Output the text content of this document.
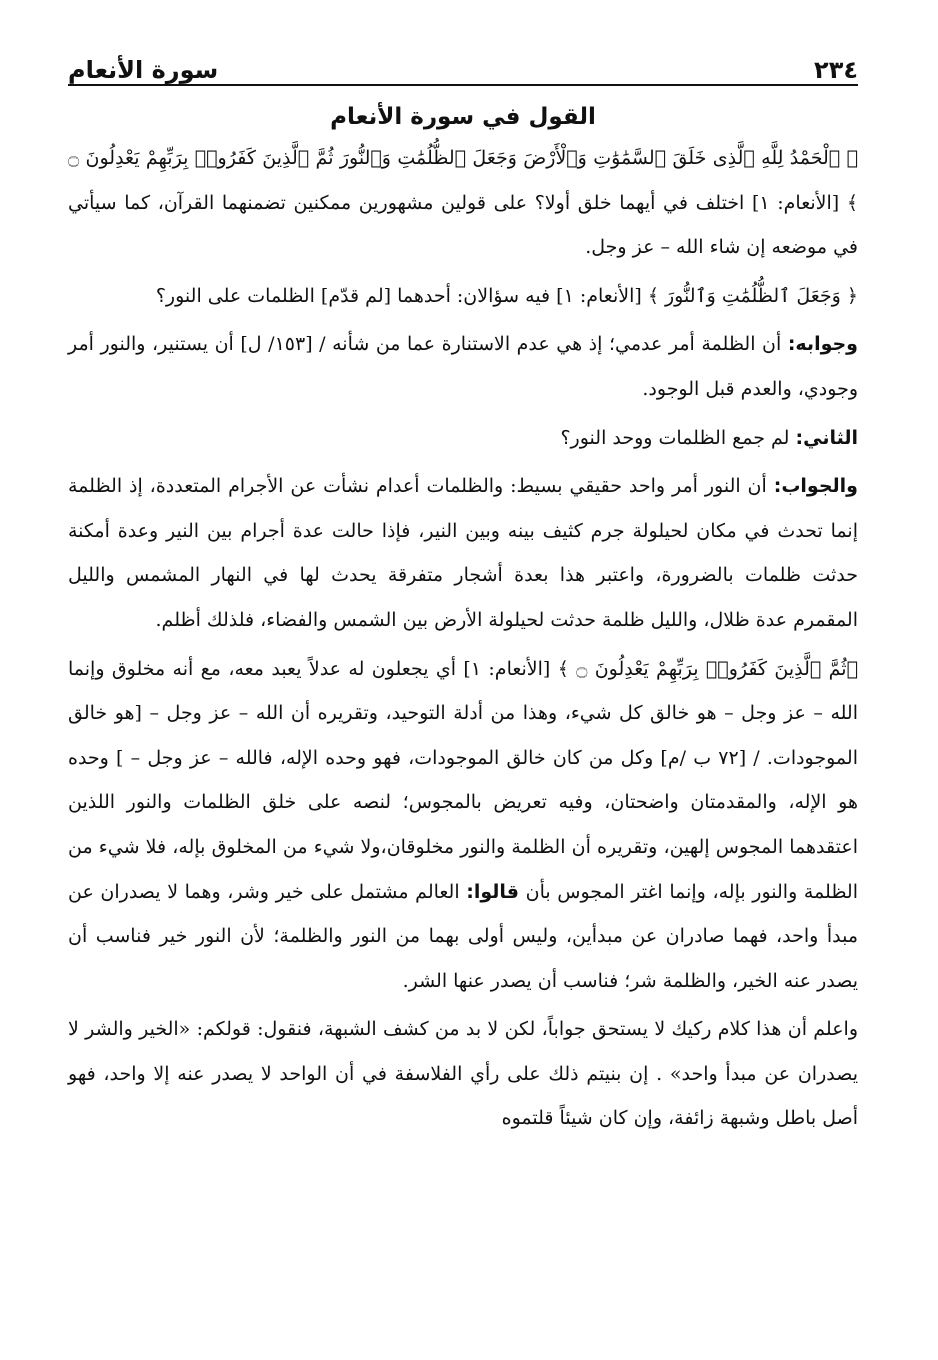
٢٣٤
سورة الأنعام
القول في سورة الأنعام

﴿ ٱلْحَمْدُ لِلَّهِ ٱلَّذِى خَلَقَ ٱلسَّمَٰوَٰتِ وَٱلْأَرْضَ وَجَعَلَ ٱلظُّلُمَٰتِ وَٱلنُّورَ ثُمَّ ٱلَّذِينَ كَفَرُوا۟ بِرَبِّهِمْ يَعْدِلُونَ ۝ ﴾ [الأنعام: ١] اختلف في أيهما خلق أولا؟ على قولين مشهورين ممكنين تضمنهما القرآن، كما سيأتي في موضعه إن شاء الله – عز وجل.

﴿ وَجَعَلَ ٱلظُّلُمَٰتِ وَٱلنُّورَ ﴾ [الأنعام: ١] فيه سؤالان: أحدهما [لم قدّم] الظلمات على النور؟

وجوابه: أن الظلمة أمر عدمي؛ إذ هي عدم الاستنارة عما من شأنه / [١٥٣/ ل] أن يستنير، والنور أمر وجودي، والعدم قبل الوجود.

الثاني: لم جمع الظلمات ووحد النور؟

والجواب: أن النور أمر واحد حقيقي بسيط: والظلمات أعدام نشأت عن الأجرام المتعددة، إذ الظلمة إنما تحدث في مكان لحيلولة جرم كثيف بينه وبين النير، فإذا حالت عدة أجرام بين النير وعدة أمكنة حدثت ظلمات بالضرورة، واعتبر هذا بعدة أشجار متفرقة يحدث لها في النهار المشمس والليل المقمرم عدة ظلال، والليل ظلمة حدثت لحيلولة الأرض بين الشمس والفضاء، فلذلك أظلم.

﴿ثُمَّ ٱلَّذِينَ كَفَرُوا۟ بِرَبِّهِمْ يَعْدِلُونَ ۝ ﴾ [الأنعام: ١] أي يجعلون له عدلاً يعبد معه، مع أنه مخلوق وإنما الله – عز وجل – هو خالق كل شيء، وهذا من أدلة التوحيد، وتقريره أن الله – عز وجل – [هو خالق الموجودات. / [٧٢ ب /م] وكل من كان خالق الموجودات، فهو وحده الإله، فالله – عز وجل – ] وحده هو الإله، والمقدمتان واضحتان، وفيه تعريض بالمجوس؛ لنصه على خلق الظلمات والنور اللذين اعتقدهما المجوس إلهين، وتقريره أن الظلمة والنور مخلوقان،ولا شيء من المخلوق بإله، فلا شيء من الظلمة والنور بإله، وإنما اغتر المجوس بأن قالوا: العالم مشتمل على خير وشر، وهما لا يصدران عن مبدأ واحد، فهما صادران عن مبدأين، وليس أولى بهما من النور والظلمة؛ لأن النور خير فناسب أن يصدر عنه الخير، والظلمة شر؛ فناسب أن يصدر عنها الشر.

واعلم أن هذا كلام ركيك لا يستحق جواباً، لكن لا بد من كشف الشبهة، فنقول: قولكم: «الخير والشر لا يصدران عن مبدأ واحد» . إن بنيتم ذلك على رأي الفلاسفة في أن الواحد لا يصدر عنه إلا واحد، فهو أصل باطل وشبهة زائفة، وإن كان شيئاً قلتموه
